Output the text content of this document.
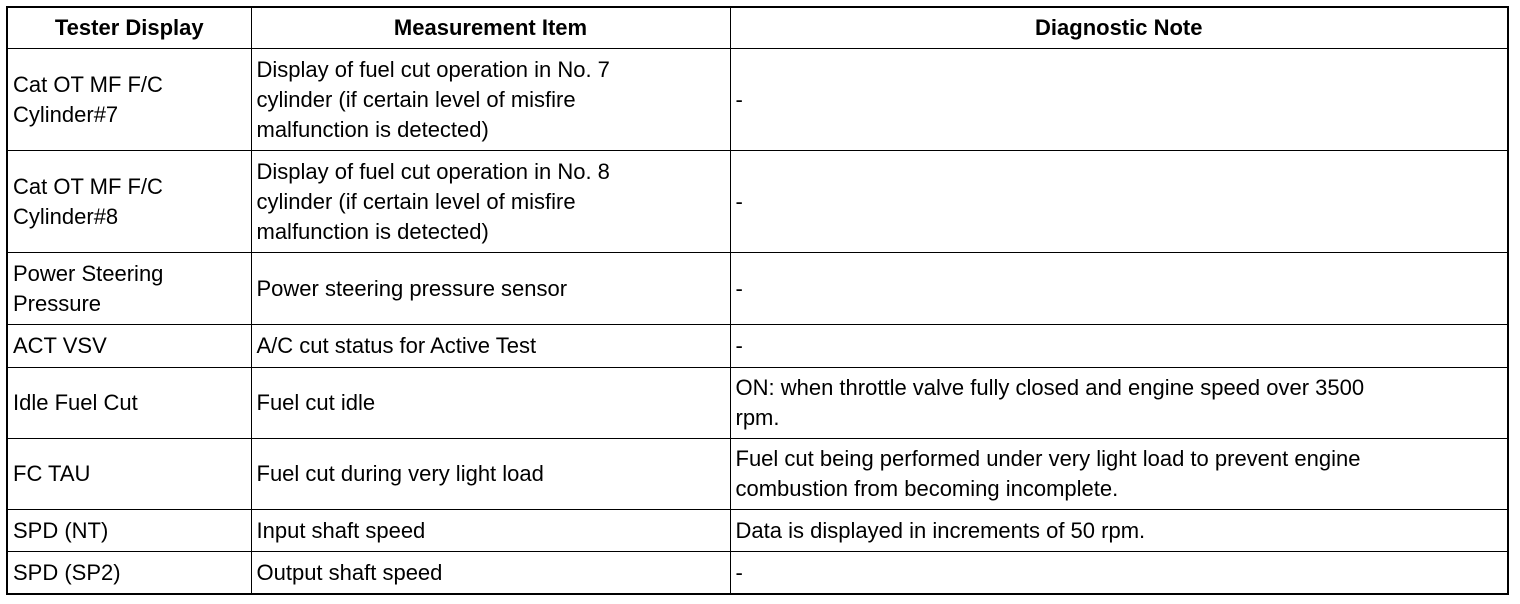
Tester Display	Measurement Item	Diagnostic Note
Cat OT MF F/C
Cylinder#7	Display of fuel cut operation in No. 7
cylinder (if certain level of misfire
malfunction is detected)	-
Cat OT MF F/C
Cylinder#8	Display of fuel cut operation in No. 8
cylinder (if certain level of misfire
malfunction is detected)	-
Power Steering
Pressure	Power steering pressure sensor	-
ACT VSV	A/C cut status for Active Test	-
Idle Fuel Cut	Fuel cut idle	ON: when throttle valve fully closed and engine speed over 3500
rpm.
FC TAU	Fuel cut during very light load	Fuel cut being performed under very light load to prevent engine
combustion from becoming incomplete.
SPD (NT)	Input shaft speed	Data is displayed in increments of 50 rpm.
SPD (SP2)	Output shaft speed	-
